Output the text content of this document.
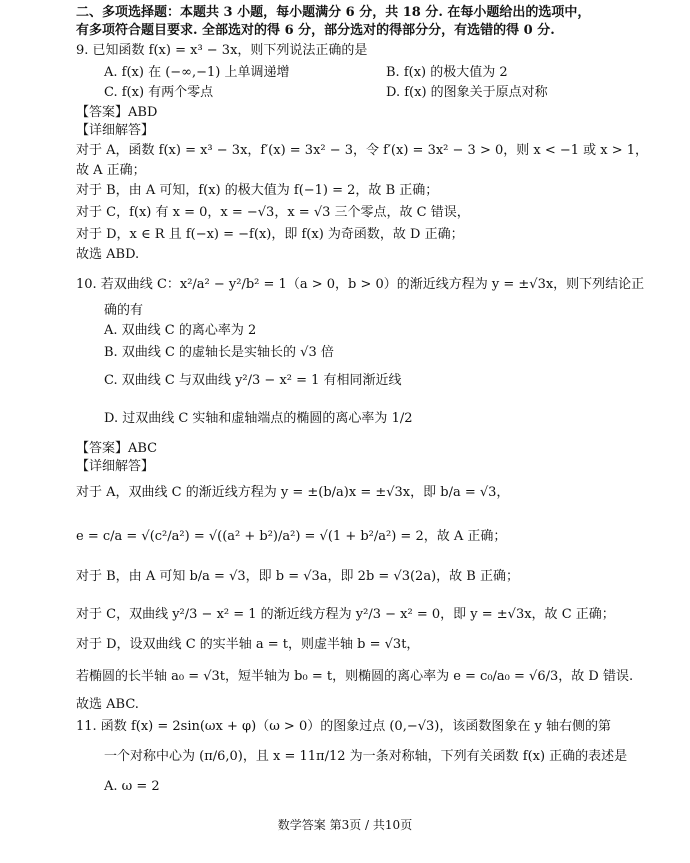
二、多项选择题：本题共 3 小题，每小题满分 6 分，共 18 分. 在每小题给出的选项中，
有多项符合题目要求. 全部选对的得 6 分，部分选对的得部分分，有选错的得 0 分.
9. 已知函数 f(x) = x³ − 3x，则下列说法正确的是
A. f(x) 在 (−∞,−1) 上单调递增	B. f(x) 的极大值为 2
C. f(x) 有两个零点	D. f(x) 的图象关于原点对称
【答案】ABD
【详细解答】
对于 A，函数 f(x) = x³ − 3x，f′(x) = 3x² − 3，令 f′(x) = 3x² − 3 > 0，则 x < −1 或 x > 1，
故 A 正确；
对于 B，由 A 可知，f(x) 的极大值为 f(−1) = 2，故 B 正确；
对于 C，f(x) 有 x = 0，x = −√3，x = √3 三个零点，故 C 错误，
对于 D，x ∈ R 且 f(−x) = −f(x)，即 f(x) 为奇函数，故 D 正确；
故选 ABD.
10. 若双曲线 C：x²/a² − y²/b² = 1（a > 0，b > 0）的渐近线方程为 y = ±√3x，则下列结论正
确的有
A. 双曲线 C 的离心率为 2
B. 双曲线 C 的虚轴长是实轴长的 √3 倍
C. 双曲线 C 与双曲线 y²/3 − x² = 1 有相同渐近线
D. 过双曲线 C 实轴和虚轴端点的椭圆的离心率为 1/2
【答案】ABC
【详细解答】
对于 A，双曲线 C 的渐近线方程为 y = ±(b/a)x = ±√3x，即 b/a = √3，
e = c/a = √(c²/a²) = √((a² + b²)/a²) = √(1 + b²/a²) = 2，故 A 正确；
对于 B，由 A 可知 b/a = √3，即 b = √3a，即 2b = √3(2a)，故 B 正确；
对于 C，双曲线 y²/3 − x² = 1 的渐近线方程为 y²/3 − x² = 0，即 y = ±√3x，故 C 正确；
对于 D，设双曲线 C 的实半轴 a = t，则虚半轴 b = √3t，
若椭圆的长半轴 a₀ = √3t，短半轴为 b₀ = t，则椭圆的离心率为 e = c₀/a₀ = √6/3，故 D 错误.
故选 ABC.
11. 函数 f(x) = 2sin(ωx + φ)（ω > 0）的图象过点 (0,−√3)，该函数图象在 y 轴右侧的第
一个对称中心为 (π/6,0)，且 x = 11π/12 为一条对称轴，下列有关函数 f(x) 正确的表述是
A. ω = 2
数学答案 第3页 / 共10页
